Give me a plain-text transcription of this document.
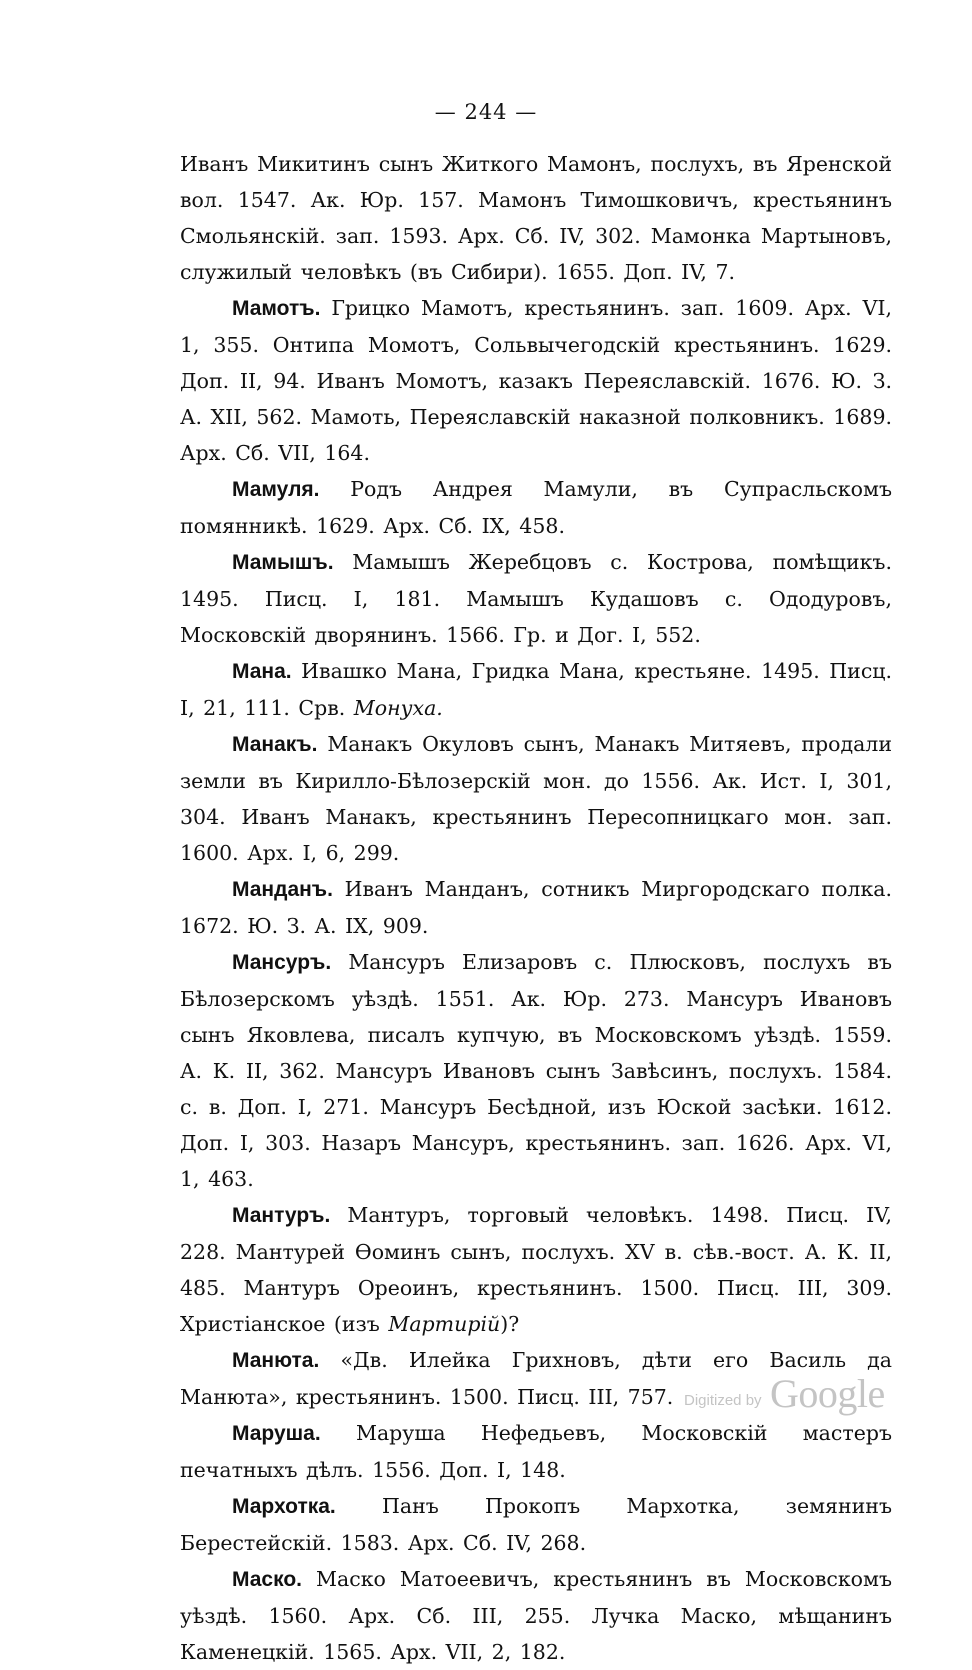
— 244 —

Иванъ Микитинъ сынъ Житкого Мамонъ, послухъ, въ Яренской вол. 1547. Ак. Юр. 157. Мамонъ Тимошковичъ, крестьянинъ Смольянскій. зап. 1593. Арх. Сб. IV, 302. Мамонка Мартыновъ, служилый человѣкъ (въ Сибири). 1655. Доп. IV, 7.

Мамотъ. Грицко Мамотъ, крестьянинъ. зап. 1609. Арх. VI, 1, 355. Онтипа Момотъ, Сольвычегодскій крестьянинъ. 1629. Доп. II, 94. Иванъ Момотъ, казакъ Переяславскій. 1676. Ю. З. А. XII, 562. Мамоть, Переяславскій наказной полковникъ. 1689. Арх. Сб. VII, 164.

Мамуля. Родъ Андрея Мамули, въ Супрасльскомъ помянникѣ. 1629. Арх. Сб. IX, 458.

Мамышъ. Мамышъ Жеребцовъ с. Кострова, помѣщикъ. 1495. Писц. I, 181. Мамышъ Кудашовъ с. Ододуровъ, Московскій дворянинъ. 1566. Гр. и Дог. I, 552.

Мана. Ивашко Мана, Гридка Мана, крестьяне. 1495. Писц. I, 21, 111. Срв. Монуха.

Манакъ. Манакъ Окуловъ сынъ, Манакъ Митяевъ, продали земли въ Кирилло-Бѣлозерскій мон. до 1556. Ак. Ист. I, 301, 304. Иванъ Манакъ, крестьянинъ Пересопницкаго мон. зап. 1600. Арх. I, 6, 299.

Манданъ. Иванъ Манданъ, сотникъ Миргородскаго полка. 1672. Ю. З. А. IX, 909.

Мансуръ. Мансуръ Елизаровъ с. Плюсковъ, послухъ въ Бѣлозерскомъ уѣздѣ. 1551. Ак. Юр. 273. Мансуръ Ивановъ сынъ Яковлева, писалъ купчую, въ Московскомъ уѣздѣ. 1559. А. К. II, 362. Мансуръ Ивановъ сынъ Завѣсинъ, послухъ. 1584. с. в. Доп. I, 271. Мансуръ Бесѣдной, изъ Юской засѣки. 1612. Доп. I, 303. Назаръ Мансуръ, крестьянинъ. зап. 1626. Арх. VI, 1, 463.

Мантуръ. Мантуръ, торговый человѣкъ. 1498. Писц. IV, 228. Мантурей Ѳоминъ сынъ, послухъ. XV в. сѣв.-вост. А. К. II, 485. Мантуръ Ореоинъ, крестьянинъ. 1500. Писц. III, 309. Христіанское (изъ Мартирій)?

Манюта. «Дв. Илейка Грихновъ, дѣти его Василь да Манюта», крестьянинъ. 1500. Писц. III, 757.

Маруша. Маруша Нефедьевъ, Московскій мастеръ печатныхъ дѣлъ. 1556. Доп. I, 148.

Мархотка. Панъ Прокопъ Мархотка, земянинъ Берестейскій. 1583. Арх. Сб. IV, 268.

Маско. Маско Матоеевичъ, крестьянинъ въ Московскомъ уѣздѣ. 1560. Арх. Сб. III, 255. Лучка Маско, мѣщанинъ Каменецкій. 1565. Арх. VII, 2, 182.

Digitized by Google
